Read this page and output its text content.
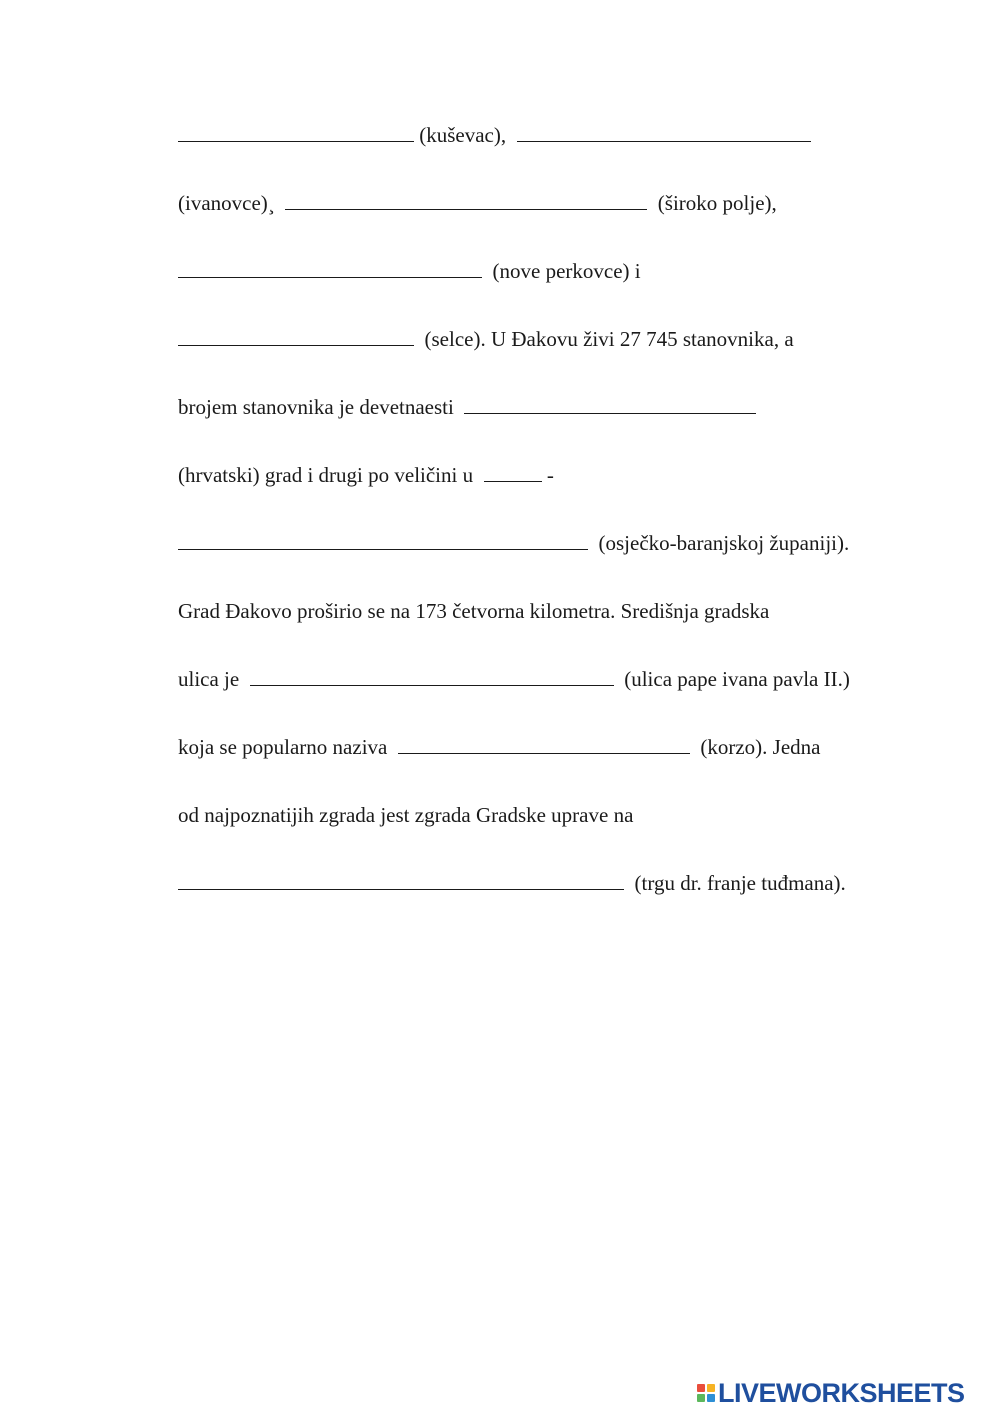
(kuševac),
(ivanovce)¸	(široko polje),
(nove perkovce) i
(selce). U Đakovu živi 27 745 stanovnika, a
brojem stanovnika je devetnaesti
(hrvatski) grad i drugi po veličini u	-
(osječko-baranjskoj županiji).
Grad Đakovo proširio se na 173 četvorna kilometra. Središnja gradska
ulica je	(ulica pape ivana pavla II.)
koja se popularno naziva	(korzo). Jedna
od najpoznatijih zgrada jest zgrada Gradske uprave na
(trgu dr. franje tuđmana).
LIVEWORKSHEETS
